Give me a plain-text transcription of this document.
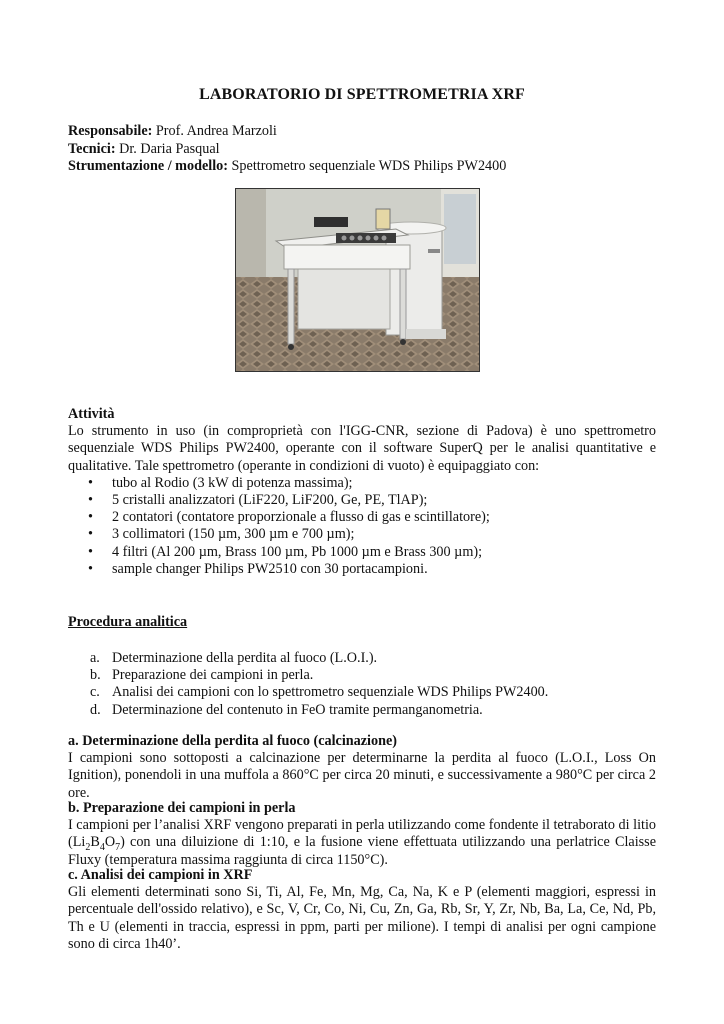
LABORATORIO DI SPETTROMETRIA XRF
Responsabile: Prof. Andrea Marzoli
Tecnici: Dr. Daria Pasqual
Strumentazione / modello: Spettrometro sequenziale WDS Philips PW2400
Attività
Lo strumento in uso (in comproprietà con l'IGG-CNR, sezione di Padova) è uno spettrometro sequenziale WDS Philips PW2400, operante con il software SuperQ per le analisi quantitative e qualitative. Tale spettrometro (operante in condizioni di vuoto) è equipaggiato con:
• tubo al Rodio (3 kW di potenza massima);
• 5 cristalli analizzatori (LiF220, LiF200, Ge, PE, TlAP);
• 2 contatori (contatore proporzionale a flusso di gas e scintillatore);
• 3 collimatori (150 µm, 300 µm e 700 µm);
• 4 filtri (Al 200 µm, Brass 100 µm, Pb 1000 µm e Brass 300 µm);
• sample changer Philips PW2510 con 30 portacampioni.
Procedura analitica
a. Determinazione della perdita al fuoco (L.O.I.).
b. Preparazione dei campioni in perla.
c. Analisi dei campioni con lo spettrometro sequenziale WDS Philips PW2400.
d. Determinazione del contenuto in FeO tramite permanganometria.
a. Determinazione della perdita al fuoco (calcinazione)
I campioni sono sottoposti a calcinazione per determinarne la perdita al fuoco (L.O.I., Loss On Ignition), ponendoli in una muffola a 860°C per circa 20 minuti, e successivamente a 980°C per circa 2 ore.
b. Preparazione dei campioni in perla
I campioni per l’analisi XRF vengono preparati in perla utilizzando come fondente il tetraborato di litio $(Li_2B_4O_7)$ con una diluizione di 1:10, e la fusione viene effettuata utilizzando una perlatrice Claisse Fluxy (temperatura massima raggiunta di circa 1150°C).
c. Analisi dei campioni in XRF
Gli elementi determinati sono Si, Ti, Al, Fe, Mn, Mg, Ca, Na, K e P (elementi maggiori, espressi in percentuale dell'ossido relativo), e Sc, V, Cr, Co, Ni, Cu, Zn, Ga, Rb, Sr, Y, Zr, Nb, Ba, La, Ce, Nd, Pb, Th e U (elementi in traccia, espressi in ppm, parti per milione). I tempi di analisi per ogni campione sono di circa 1h40’.
